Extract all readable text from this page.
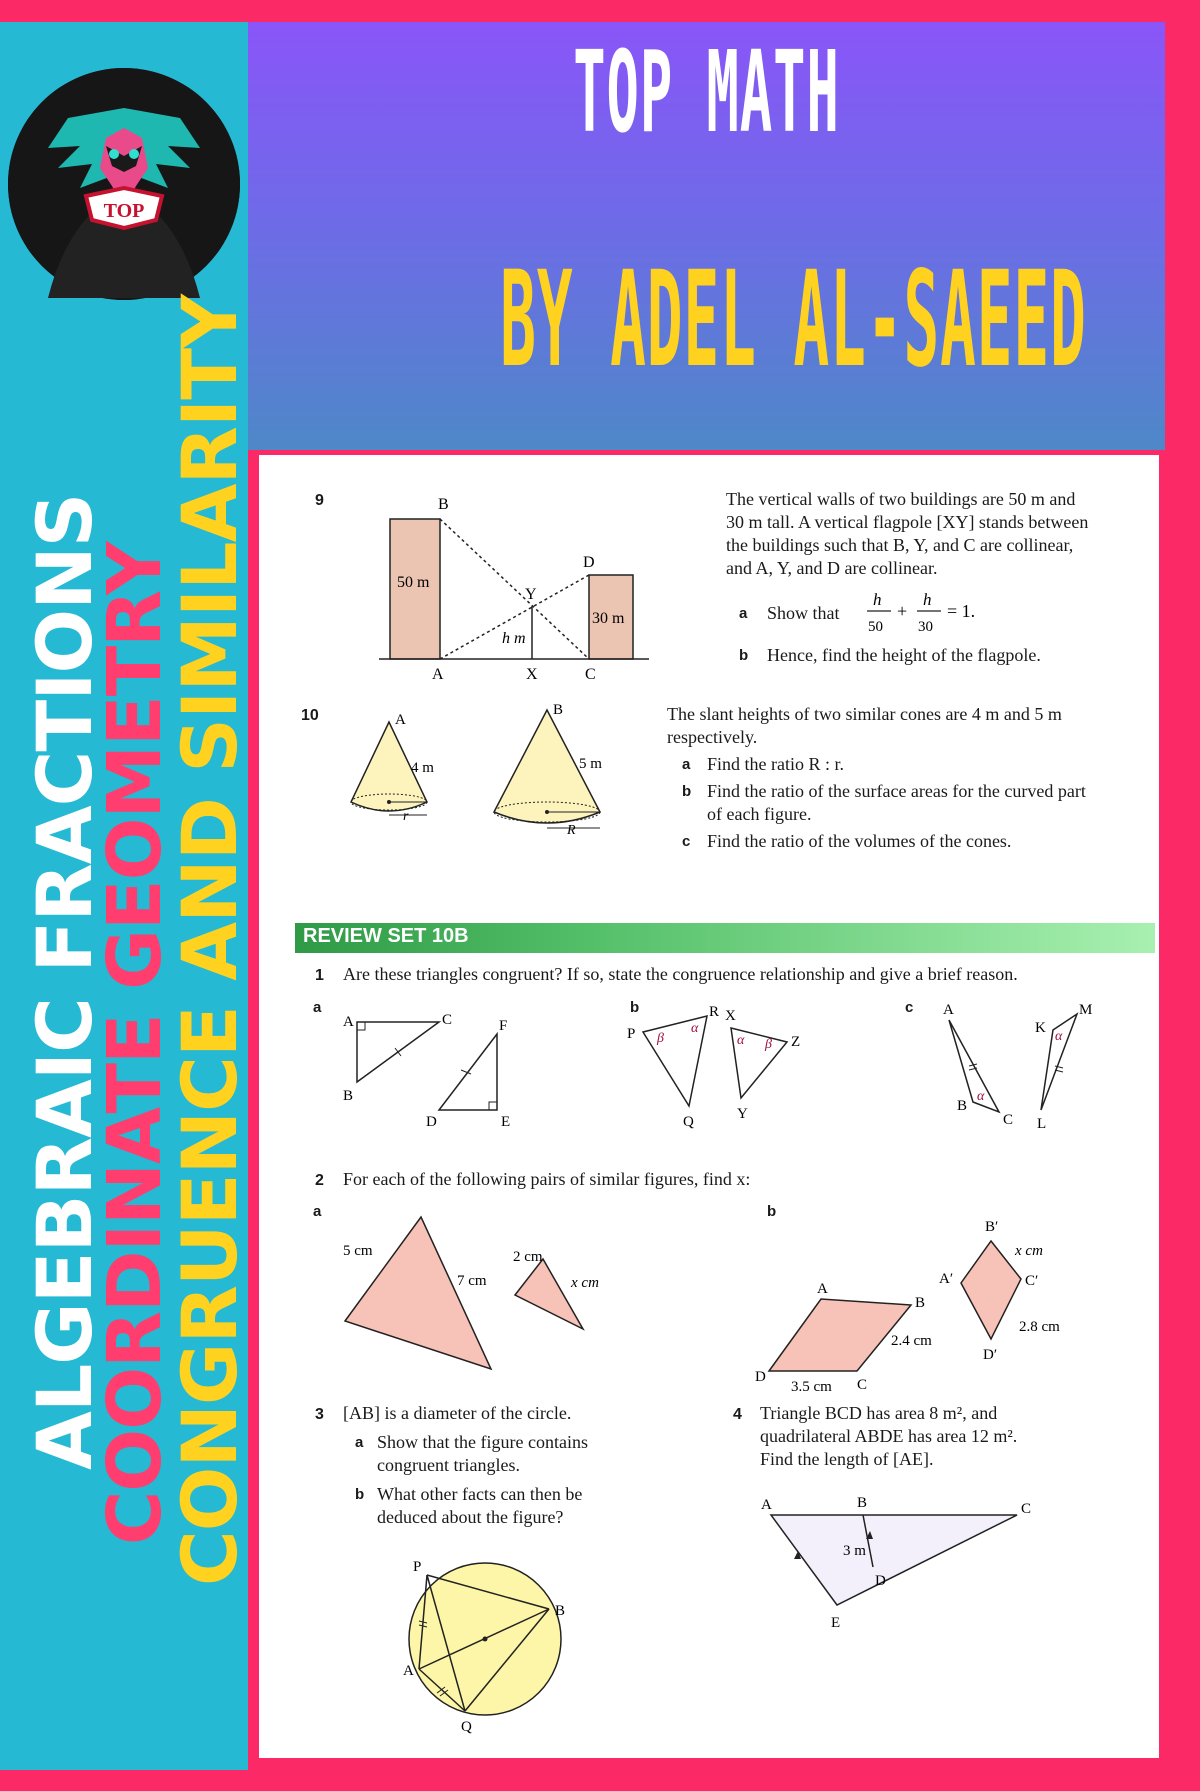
TOP
TOP MATH
BY ADEL AL-SAEED
ALGEBRAIC FRACTIONS
COORDINATE GEOMETRY
CONGRUENCE AND SIMILARITY	9	B
D
Y
A	X	C
50 m
30 m
h m
The vertical walls of two buildings are 50 m and
30 m tall. A vertical flagpole [XY] stands between
the buildings such that B, Y, and C are collinear,
and A, Y, and D are collinear.
a Show that
h
50
+
h
30
= 1.
b Hence, find the height of the flagpole.
10	A
4 m
r
B
5 m
R
The slant heights of two similar cones are 4 m and 5 m
respectively.
a Find the ratio R : r.
b Find the ratio of the surface areas for the curved part
of each figure.
c Find the ratio of the volumes of the cones.
REVIEW SET 10B
1 Are these triangles congruent? If so, state the congruence relationship and give a brief reason.
a	b	c
A
B
C	F
D	E
P
R
Q
X
Z
Y
β
α
α β
A
B
C
K
M
L
α
α
2 For each of the following pairs of similar figures, find x:
a	b
5 cm
7 cm
2 cm
x cm	A
B
C
D
2.4 cm
3.5 cm
B′
A′	C′
D′
x cm
2.8 cm
3 [AB] is a diameter of the circle.
a Show that the figure contains
congruent triangles.
b What other facts can then be
deduced about the figure?
P
A
B
Q
4 Triangle BCD has area 8 m², and
quadrilateral ABDE has area 12 m².
Find the length of [AE].
A	B	C
D
E
3 m
